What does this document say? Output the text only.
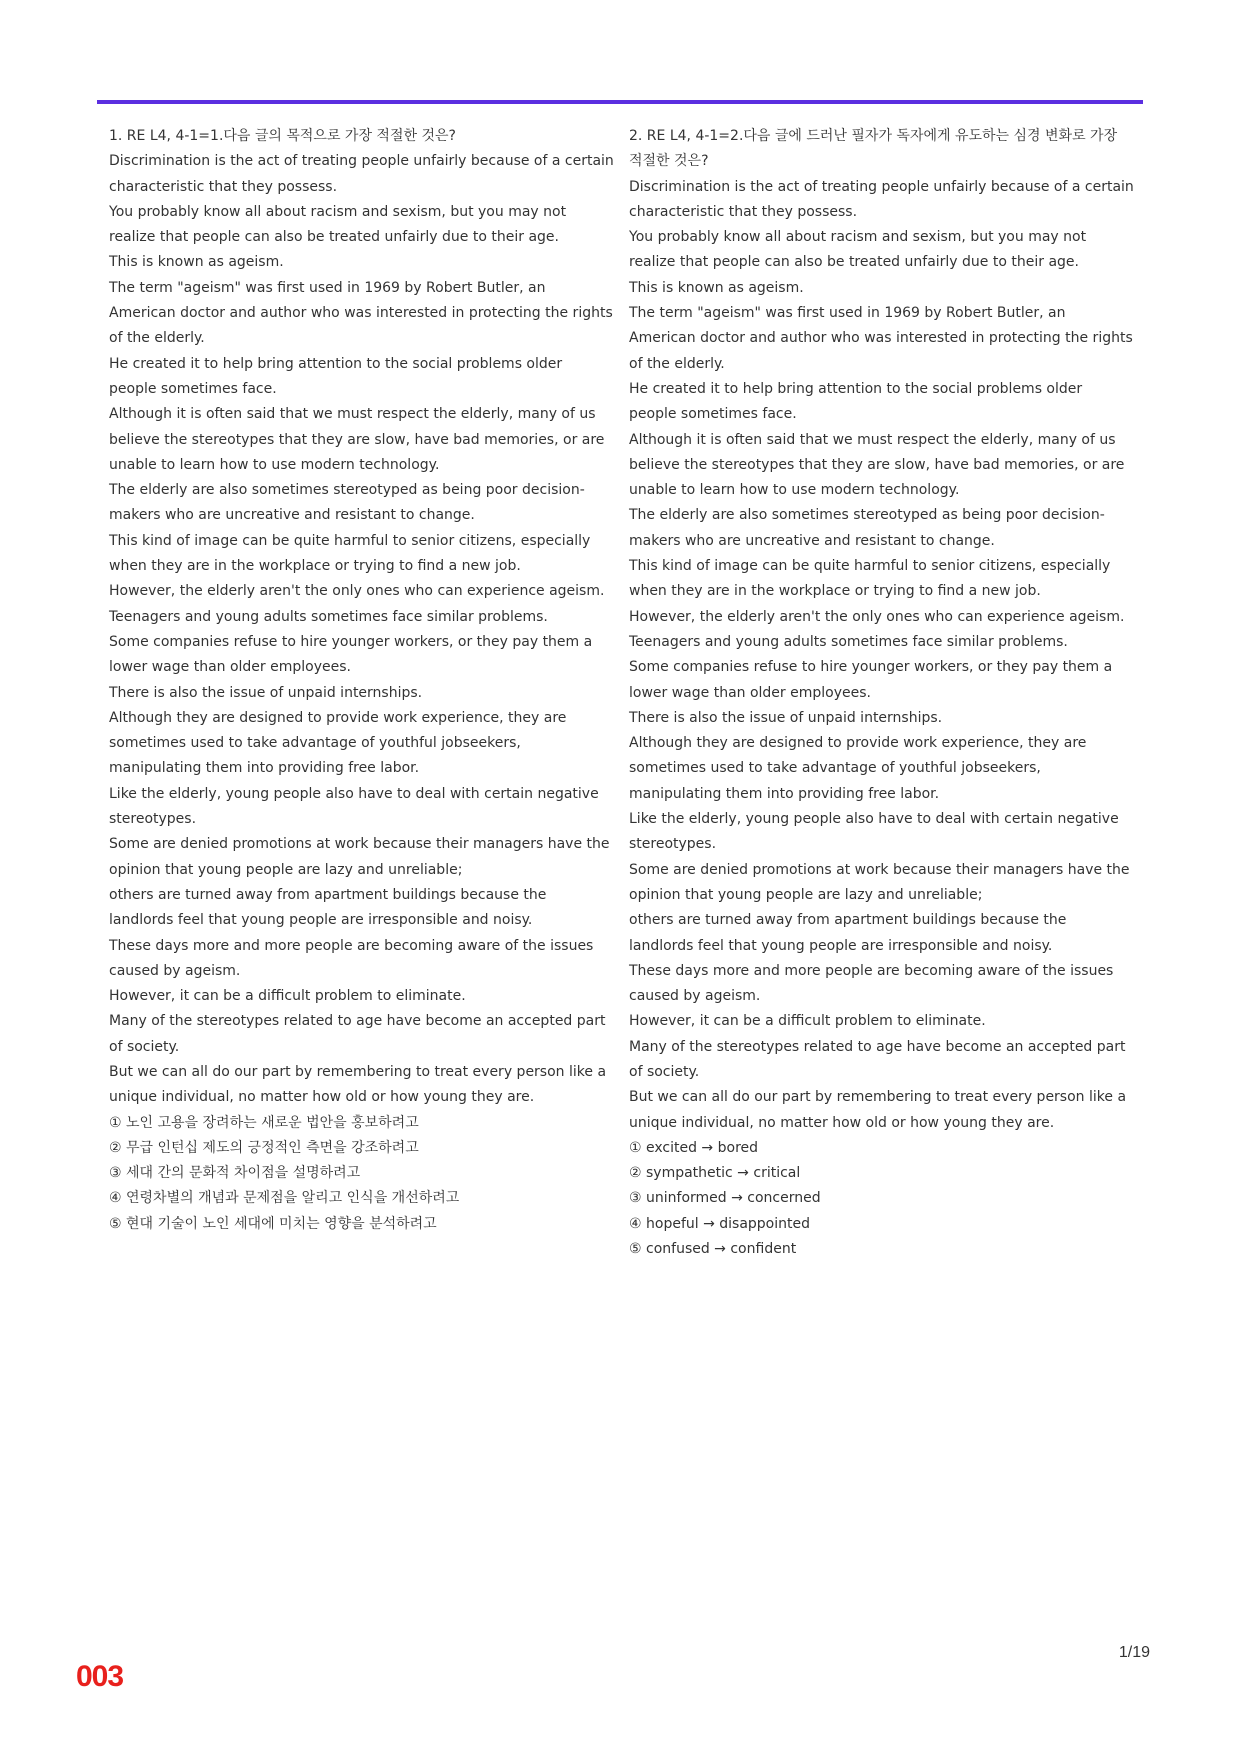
1. RE L4, 4-1=1.다음 글의 목적으로 가장 적절한 것은?

Discrimination is the act of treating people unfairly because of a certain characteristic that they possess.

You probably know all about racism and sexism, but you may not realize that people can also be treated unfairly due to their age.

This is known as ageism.

The term "ageism" was first used in 1969 by Robert Butler, an American doctor and author who was interested in protecting the rights of the elderly.

He created it to help bring attention to the social problems older people sometimes face.

Although it is often said that we must respect the elderly, many of us believe the stereotypes that they are slow, have bad memories, or are unable to learn how to use modern technology.

The elderly are also sometimes stereotyped as being poor decision-makers who are uncreative and resistant to change.

This kind of image can be quite harmful to senior citizens, especially when they are in the workplace or trying to find a new job.

However, the elderly aren't the only ones who can experience ageism.

Teenagers and young adults sometimes face similar problems.

Some companies refuse to hire younger workers, or they pay them a lower wage than older employees.

There is also the issue of unpaid internships.

Although they are designed to provide work experience, they are sometimes used to take advantage of youthful jobseekers, manipulating them into providing free labor.

Like the elderly, young people also have to deal with certain negative stereotypes.

Some are denied promotions at work because their managers have the opinion that young people are lazy and unreliable;

others are turned away from apartment buildings because the landlords feel that young people are irresponsible and noisy.

These days more and more people are becoming aware of the issues caused by ageism.

However, it can be a difficult problem to eliminate.

Many of the stereotypes related to age have become an accepted part of society.

But we can all do our part by remembering to treat every person like a unique individual, no matter how old or how young they are.

① 노인 고용을 장려하는 새로운 법안을 홍보하려고

② 무급 인턴십 제도의 긍정적인 측면을 강조하려고

③ 세대 간의 문화적 차이점을 설명하려고

④ 연령차별의 개념과 문제점을 알리고 인식을 개선하려고

⑤ 현대 기술이 노인 세대에 미치는 영향을 분석하려고

2. RE L4, 4-1=2.다음 글에 드러난 필자가 독자에게 유도하는 심경 변화로 가장 적절한 것은?

Discrimination is the act of treating people unfairly because of a certain characteristic that they possess.

You probably know all about racism and sexism, but you may not realize that people can also be treated unfairly due to their age.

This is known as ageism.

The term "ageism" was first used in 1969 by Robert Butler, an American doctor and author who was interested in protecting the rights of the elderly.

He created it to help bring attention to the social problems older people sometimes face.

Although it is often said that we must respect the elderly, many of us believe the stereotypes that they are slow, have bad memories, or are unable to learn how to use modern technology.

The elderly are also sometimes stereotyped as being poor decision-makers who are uncreative and resistant to change.

This kind of image can be quite harmful to senior citizens, especially when they are in the workplace or trying to find a new job.

However, the elderly aren't the only ones who can experience ageism.

Teenagers and young adults sometimes face similar problems.

Some companies refuse to hire younger workers, or they pay them a lower wage than older employees.

There is also the issue of unpaid internships.

Although they are designed to provide work experience, they are sometimes used to take advantage of youthful jobseekers, manipulating them into providing free labor.

Like the elderly, young people also have to deal with certain negative stereotypes.

Some are denied promotions at work because their managers have the opinion that young people are lazy and unreliable;

others are turned away from apartment buildings because the landlords feel that young people are irresponsible and noisy.

These days more and more people are becoming aware of the issues caused by ageism.

However, it can be a difficult problem to eliminate.

Many of the stereotypes related to age have become an accepted part of society.

But we can all do our part by remembering to treat every person like a unique individual, no matter how old or how young they are.

① excited → bored

② sympathetic → critical

③ uninformed → concerned

④ hopeful → disappointed

⑤ confused → confident

1/19
003
